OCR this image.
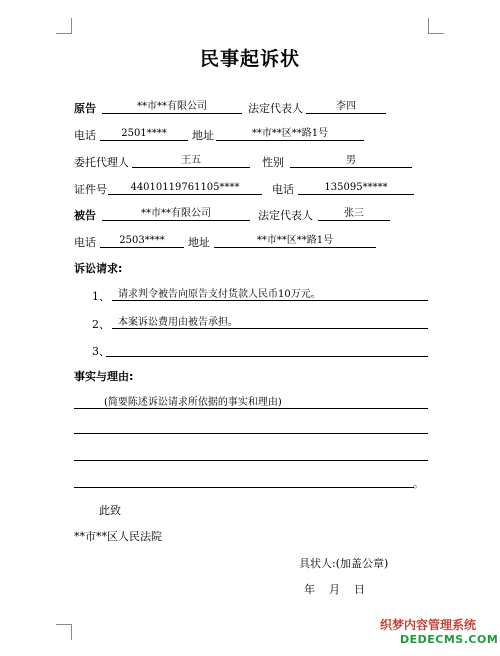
民事起诉状
原告	**市**有限公司	法定代表人	李四
电话	2501****	地址	**市**区**路1号
委托代理人	王五	性别	男
证件号	44010119761105****	电话	135095*****
被告	**市**有限公司	法定代表人	张三
电话	2503****	地址	**市**区**路1号
诉讼请求:
1、 请求判令被告向原告支付货款人民币10万元。
2、 本案诉讼费用由被告承担。
3、
事实与理由:
(简要陈述诉讼请求所依据的事实和理由)
。
此致
**市**区人民法院
具状人:(加盖公章)
年    月    日
织梦内容管理系统
DEDECMS.COM
